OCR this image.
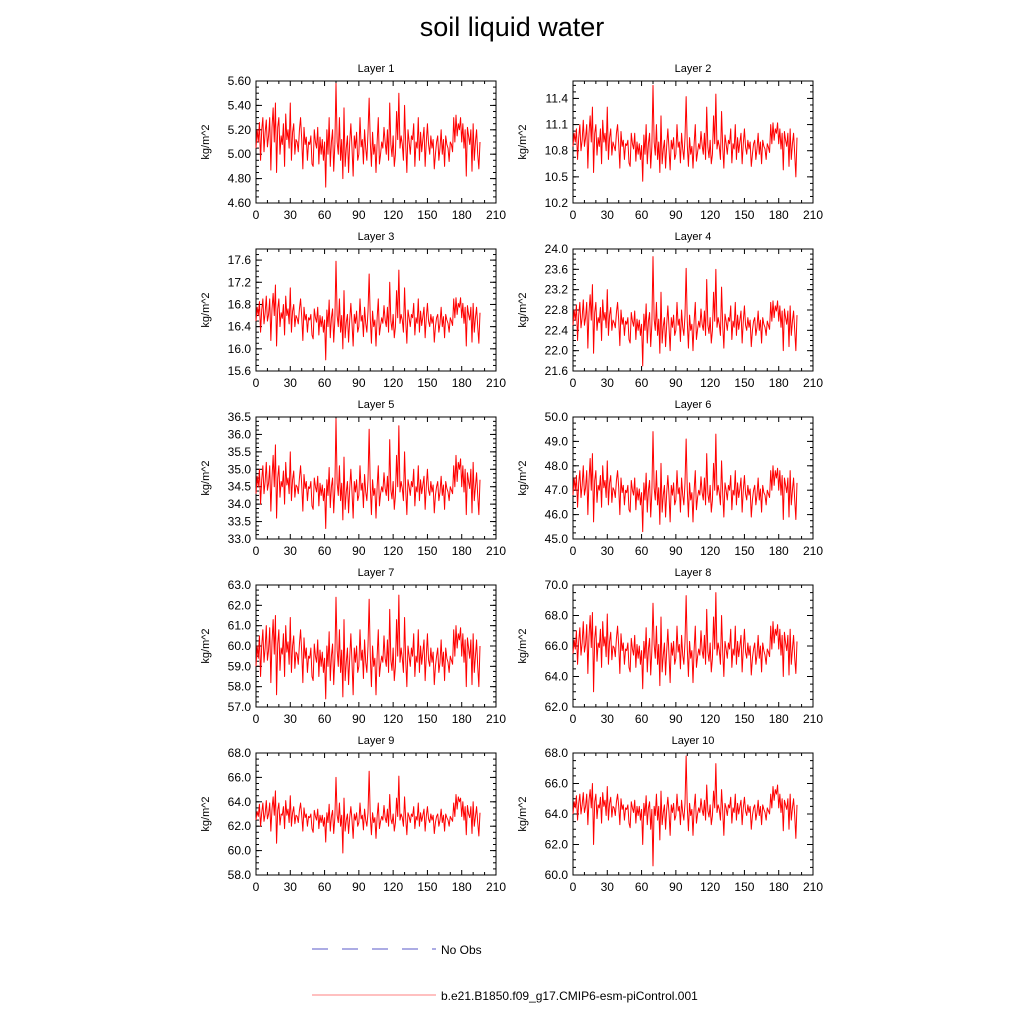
soil liquid water
Layer 1
kg/m^2
0 30 60 90 120 150 180 210
4.60
4.80
5.00
5.20
5.40
5.60
Layer 2
kg/m^2
0 30 60 90 120 150 180 210
10.2
10.5
10.8
11.1
11.4
Layer 3
kg/m^2
0 30 60 90 120 150 180 210
15.6
16.0
16.4
16.8
17.2
17.6
Layer 4
kg/m^2
0 30 60 90 120 150 180 210
21.6
22.0
22.4
22.8
23.2
23.6
24.0
Layer 5
kg/m^2
0 30 60 90 120 150 180 210
33.0
33.5
34.0
34.5
35.0
35.5
36.0
36.5
Layer 6
kg/m^2
0 30 60 90 120 150 180 210
45.0
46.0
47.0
48.0
49.0
50.0
Layer 7
kg/m^2
0 30 60 90 120 150 180 210
57.0
58.0
59.0
60.0
61.0
62.0
63.0
Layer 8
kg/m^2
0 30 60 90 120 150 180 210
62.0
64.0
66.0
68.0
70.0
Layer 9
kg/m^2
0 30 60 90 120 150 180 210
58.0
60.0
62.0
64.0
66.0
68.0
Layer 10
kg/m^2
0 30 60 90 120 150 180 210
60.0
62.0
64.0
66.0
68.0
No Obs
b.e21.B1850.f09_g17.CMIP6-esm-piControl.001
